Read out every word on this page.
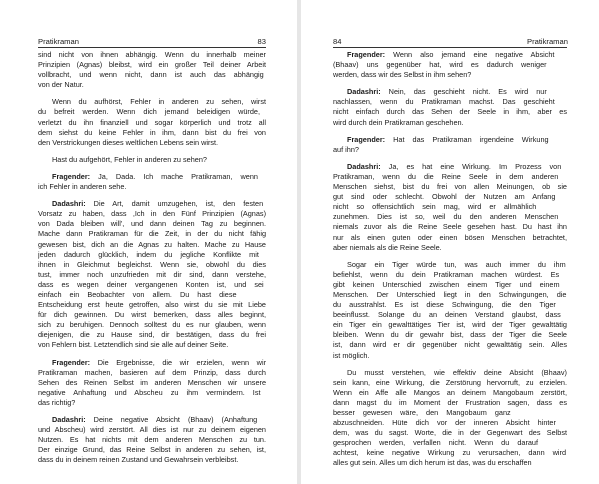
Pratikraman	83
sind nicht von ihnen abhängig. Wenn du innerhalb meiner
Prinzipien (Agnas) bleibst, wird ein großer Teil deiner Arbeit
vollbracht, und wenn nicht, dann ist auch das abhängig
von der Natur.
Wenn du aufhörst, Fehler in anderen zu sehen, wirst
du befreit werden. Wenn dich jemand beleidigen würde,
verletzt du ihn finanziell und sogar körperlich und trotz all
dem siehst du keine Fehler in ihm, dann bist du frei von
den Verstrickungen dieses weltlichen Lebens sein wirst.
Hast du aufgehört, Fehler in anderen zu sehen?
Fragender: Ja, Dada. Ich mache Pratikraman, wenn
ich Fehler in anderen sehe.
Dadashri: Die Art, damit umzugehen, ist, den festen
Vorsatz zu haben, dass ,Ich in den Fünf Prinzipien (Agnas)
von Dada bleiben will', und dann deinen Tag zu beginnen.
Mache dann Pratikraman für die Zeit, in der du nicht fähig
gewesen bist, dich an die Agnas zu halten. Mache zu Hause
jeden dadurch glücklich, indem du jegliche Konflikte mit
ihnen in Gleichmut begleichst. Wenn sie, obwohl du dies
tust, immer noch unzufrieden mit dir sind, dann verstehe,
dass es wegen deiner vergangenen Konten ist, und sei
einfach ein Beobachter von allem. Du hast diese
Entscheidung erst heute getroffen, also wirst du sie mit Liebe
für dich gewinnen. Du wirst bemerken, dass alles beginnt,
sich zu beruhigen. Dennoch solltest du es nur glauben, wenn
diejenigen, die zu Hause sind, dir bestätigen, dass du frei
von Fehlern bist. Letztendlich sind sie alle auf deiner Seite.
Fragender: Die Ergebnisse, die wir erzielen, wenn wir
Pratikraman machen, basieren auf dem Prinzip, dass durch
Sehen des Reinen Selbst im anderen Menschen wir unsere
negative Anhaftung und Abscheu zu ihm vermindern. Ist
das richtig?
Dadashri: Deine negative Absicht (Bhaav) (Anhaftung
und Abscheu) wird zerstört. All dies ist nur zu deinem eigenen
Nutzen. Es hat nichts mit dem anderen Menschen zu tun.
Der einzige Grund, das Reine Selbst in anderen zu sehen, ist,
dass du in deinem reinen Zustand und Gewahrsein verbleibst.
84	Pratikraman
Fragender: Wenn also jemand eine negative Absicht
(Bhaav) uns gegenüber hat, wird es dadurch weniger
werden, dass wir des Selbst in ihm sehen?
Dadashri: Nein, das geschieht nicht. Es wird nur
nachlassen, wenn du Pratikraman machst. Das geschieht
nicht einfach durch das Sehen der Seele in ihm, aber es
wird durch dein Pratikraman geschehen.
Fragender: Hat das Pratikraman irgendeine Wirkung
auf ihn?
Dadashri: Ja, es hat eine Wirkung. Im Prozess von
Pratikraman, wenn du die Reine Seele in dem anderen
Menschen siehst, bist du frei von allen Meinungen, ob sie
gut sind oder schlecht. Obwohl der Nutzen am Anfang
nicht so offensichtlich sein mag, wird er allmählich
zunehmen. Dies ist so, weil du den anderen Menschen
niemals zuvor als die Reine Seele gesehen hast. Du hast ihn
nur als einen guten oder einen bösen Menschen betrachtet,
aber niemals als die Reine Seele.
Sogar ein Tiger würde tun, was auch immer du ihm
befiehlst, wenn du dein Pratikraman machen würdest. Es
gibt keinen Unterschied zwischen einem Tiger und einem
Menschen. Der Unterschied liegt in den Schwingungen, die
du ausstrahlst. Es ist diese Schwingung, die den Tiger
beeinflusst. Solange du an deinen Verstand glaubst, dass
ein Tiger ein gewalttätiges Tier ist, wird der Tiger gewalttätig
bleiben. Wenn du dir gewahr bist, dass der Tiger die Seele
ist, dann wird er dir gegenüber nicht gewalttätig sein. Alles
ist möglich.
Du musst verstehen, wie effektiv deine Absicht (Bhaav)
sein kann, eine Wirkung, die Zerstörung hervorruft, zu erzielen.
Wenn ein Affe alle Mangos an deinem Mangobaum zerstört,
dann magst du im Moment der Frustration sagen, dass es
besser gewesen wäre, den Mangobaum ganz
abzuschneiden. Hüte dich vor der inneren Absicht hinter
dem, was du sagst. Worte, die in der Gegenwart des Selbst
gesprochen werden, verfallen nicht. Wenn du darauf
achtest, keine negative Wirkung zu verursachen, dann wird
alles gut sein. Alles um dich herum ist das, was du erschaffen
